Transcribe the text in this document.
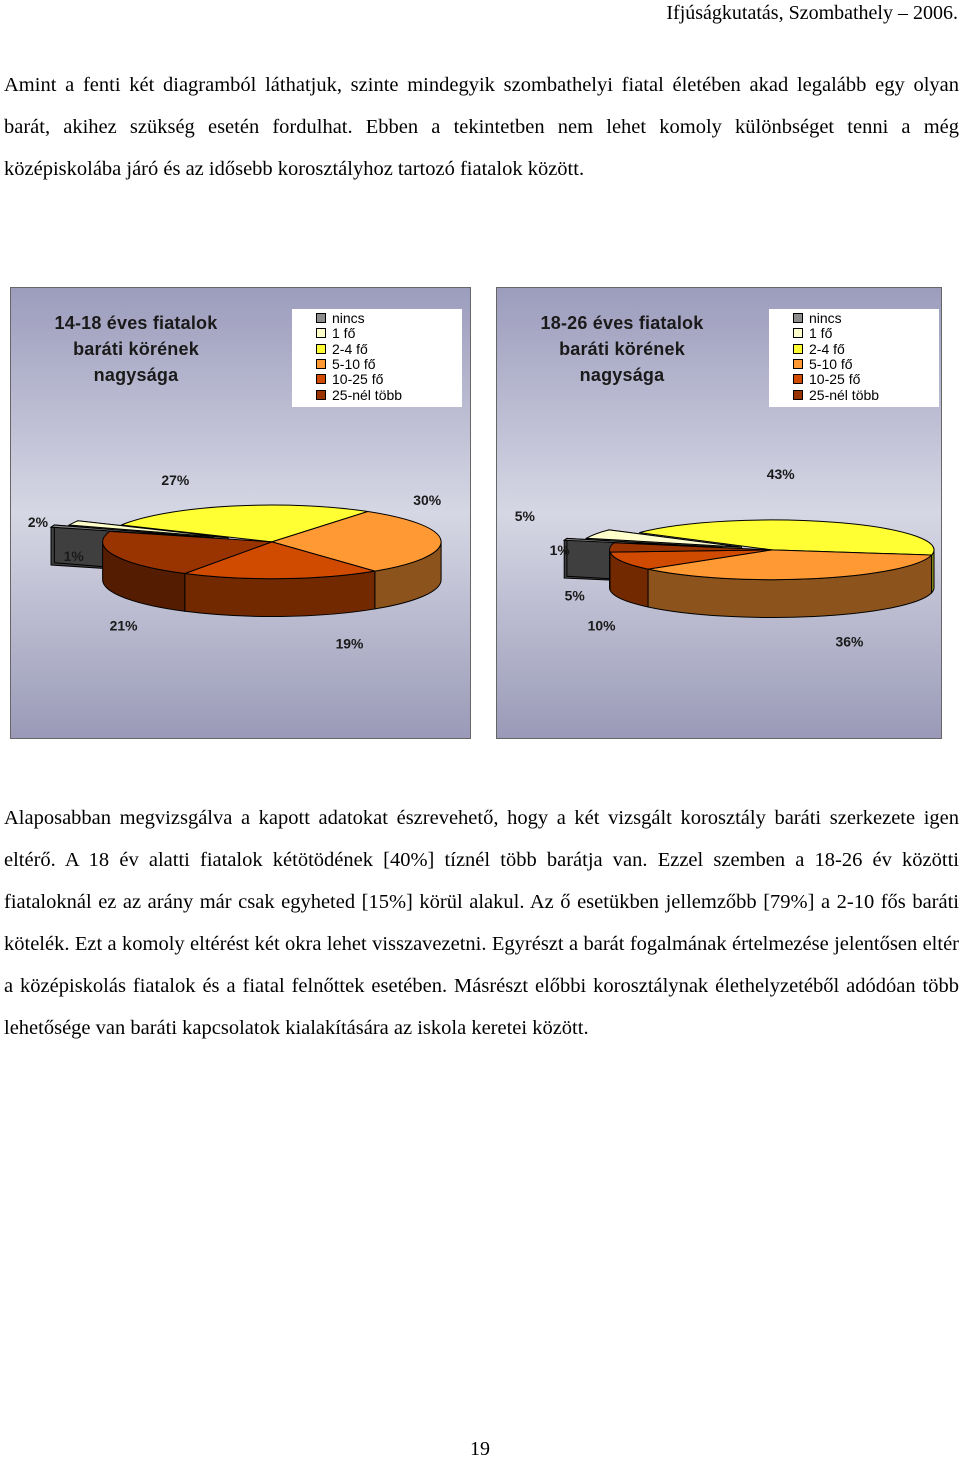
Ifjúságkutatás, Szombathely – 2006.

Amint a fenti két diagramból láthatjuk, szinte mindegyik szombathelyi fiatal életében akad legalább egy olyan barát, akihez szükség esetén fordulhat. Ebben a tekintetben nem lehet komoly különbséget tenni a még középiskolába járó és az idősebb korosztályhoz tartozó fiatalok között.

14-18 éves fiatalok
baráti körének
nagysága
nincs
1 fő
2-4 fő
5-10 fő
10-25 fő
25-nél több
1%
2%
27%
30%
19%
21%
18-26 éves fiatalok
baráti körének
nagysága
nincs
1 fő
2-4 fő
5-10 fő
10-25 fő
25-nél több
1%
5%
43%
36%
10%
5%

Alaposabban megvizsgálva a kapott adatokat észrevehető, hogy a két vizsgált korosztály baráti szerkezete igen eltérő. A 18 év alatti fiatalok kétötödének [40%] tíznél több barátja van. Ezzel szemben a 18-26 év közötti fiataloknál ez az arány már csak egyheted [15%] körül alakul. Az ő esetükben jellemzőbb [79%] a 2-10 fős baráti kötelék. Ezt a komoly eltérést két okra lehet visszavezetni. Egyrészt a barát fogalmának értelmezése jelentősen eltér a középiskolás fiatalok és a fiatal felnőttek esetében. Másrészt előbbi korosztálynak élethelyzetéből adódóan több lehetősége van baráti kapcsolatok kialakítására az iskola keretei között.

19
